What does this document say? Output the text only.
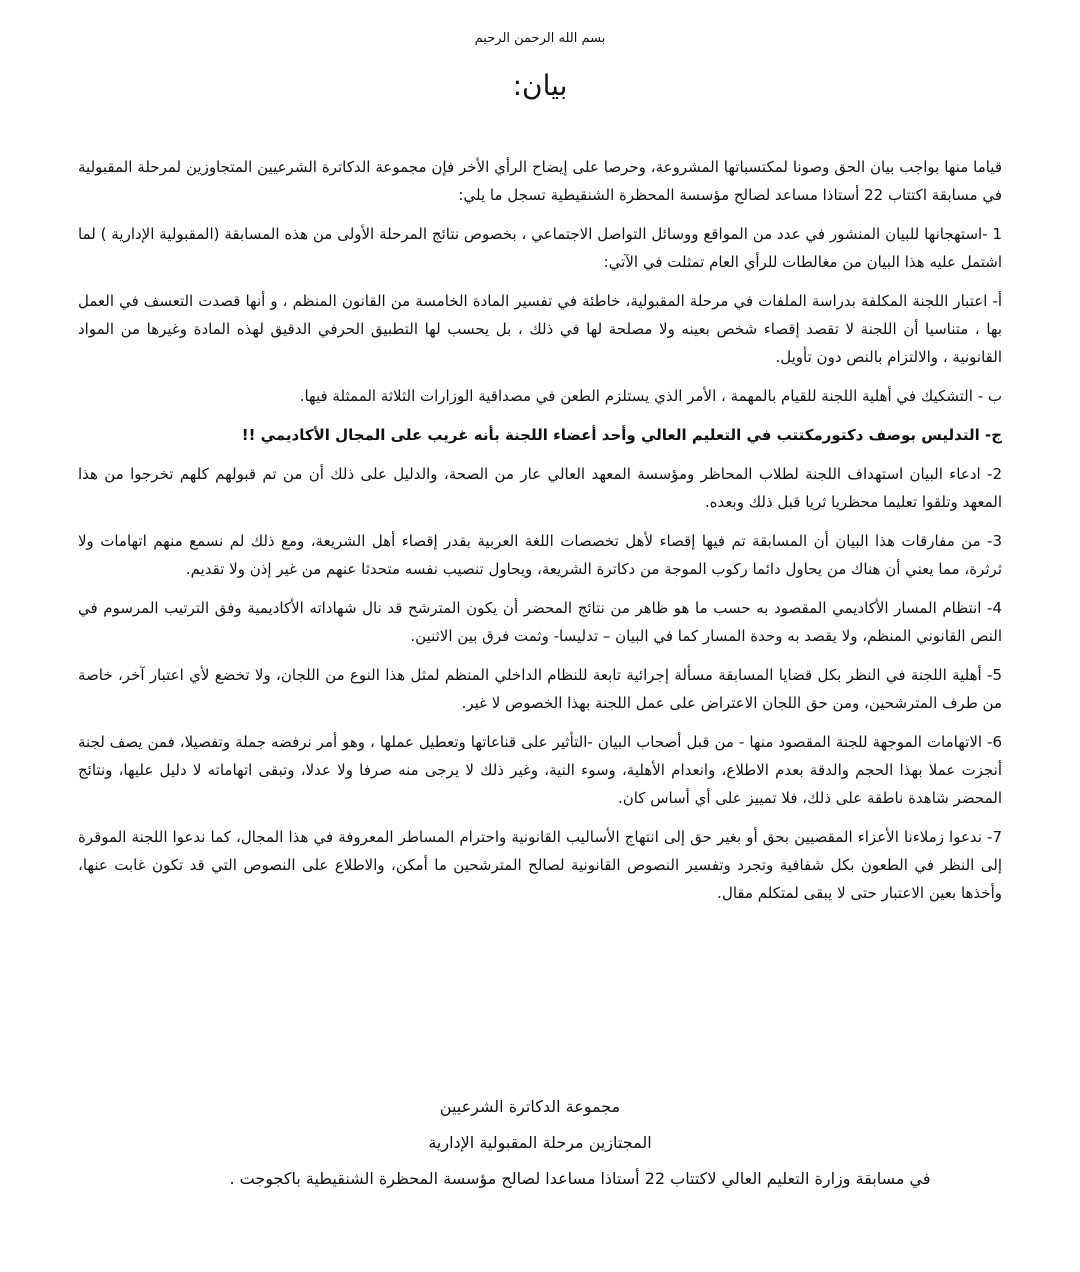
بسم الله الرحمن الرحيم
بيان:

قياما منها بواجب بيان الحق وصونا لمكتسباتها المشروعة، وحرصا على إيضاح الرأي الأخر فإن مجموعة الدكاترة الشرعيين المتجاوزين لمرحلة المقبولية في مسابقة اكتتاب 22 أستاذا مساعد لصالح مؤسسة المحظرة الشنقيطية تسجل ما يلي:

1 -استهجانها للبيان المنشور في عدد من المواقع ووسائل التواصل الاجتماعي ، بخصوص نتائج المرحلة الأولى من هذه المسابقة (المقبولية الإدارية ) لما اشتمل عليه هذا البيان من مغالطات للرأي العام تمثلت في الآتي:

أ- اعتبار اللجنة المكلفة بدراسة الملفات في مرحلة المقبولية، خاطئة في تفسير المادة الخامسة من القانون المنظم ، و أنها قصدت التعسف في العمل بها ، متناسيا أن اللجنة لا تقصد إقصاء شخص بعينه ولا مصلحة لها في ذلك ، بل يحسب لها التطبيق الحرفي الدقيق لهذه المادة وغيرها من المواد القانونية ، والالتزام بالنص دون تأويل.

ب - التشكيك في أهلية اللجنة للقيام بالمهمة ، الأمر الذي يستلزم الطعن في مصداقية الوزارات الثلاثة الممثلة فيها.

ج- التدليس بوصف دكتورمكتتب في التعليم العالي وأحد أعضاء اللجنة بأنه غريب على المجال الأكاديمي !!

2- ادعاء البيان استهداف اللجنة لطلاب المحاظر ومؤسسة المعهد العالي عار من الصحة، والدليل على ذلك أن من تم قبولهم كلهم تخرجوا من هذا المعهد وتلقوا تعليما محظريا ثريا قبل ذلك وبعده.

3- من مفارقات هذا البيان أن المسابقة تم فيها إقصاء لأهل تخصصات اللغة العربية بقدر إقصاء أهل الشريعة، ومع ذلك لم نسمع منهم اتهامات ولا ثرثرة، مما يعني أن هناك من يحاول دائما ركوب الموجة من دكاترة الشريعة، ويحاول تنصيب نفسه متحدثا عنهم من غير إذن ولا تقديم.

4- انتظام المسار الأكاديمي المقصود به حسب ما هو ظاهر من نتائج المحضر أن يكون المترشح قد نال شهاداته الأكاديمية وفق الترتيب المرسوم في النص القانوني المنظم، ولا يقصد به وحدة المسار كما في البيان – تدليسا- وثمت فرق بين الاثنين.

5- أهلية اللجنة في النظر بكل قضايا المسابقة مسألة إجرائية تابعة للنظام الداخلي المنظم لمثل هذا النوع من اللجان، ولا تخضع لأي اعتبار آخر، خاصة من طرف المترشحين، ومن حق اللجان الاعتراض على عمل اللجنة بهذا الخصوص لا غير.

6- الاتهامات الموجهة للجنة المقصود منها - من قبل أصحاب البيان -التأثير على قناعاتها وتعطيل عملها ، وهو أمر نرفضه جملة وتفصيلا، فمن يصف لجنة أنجزت عملا بهذا الحجم والدقة بعدم الاطلاع، وانعدام الأهلية، وسوء النية، وغير ذلك لا يرجى منه صرفا ولا عدلا، وتبقى اتهاماته لا دليل عليها، ونتائج المحضر شاهدة ناطقة على ذلك، فلا تمييز على أي أساس كان.

7- ندعوا زملاءنا الأعزاء المقصيين بحق أو بغير حق إلى انتهاج الأساليب القانونية واحترام المساطر المعروفة في هذا المجال، كما ندعوا اللجنة الموقرة إلى النظر في الطعون بكل شفافية وتجرد وتفسير النصوص القانونية لصالح المترشحين ما أمكن، والاطلاع على النصوص التي قد تكون غابت عنها، وأخذها بعين الاعتبار حتى لا يبقى لمتكلم مقال.

مجموعة الدكاترة الشرعيين

المجتازين مرحلة المقبولية الإدارية

في مسابقة وزارة التعليم العالي لاكتتاب 22 أستاذا مساعدا لصالح مؤسسة المحظرة الشنقيطية باكجوجت .
